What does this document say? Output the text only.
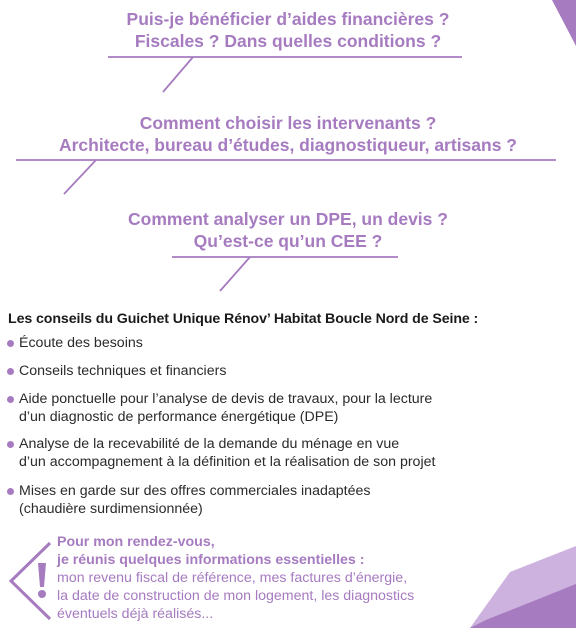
Puis-je bénéficier d’aides financières ?
Fiscales ? Dans quelles conditions ?
Comment choisir les intervenants ?
Architecte, bureau d’études, diagnostiqueur, artisans ?
Comment analyser un DPE, un devis ?
Qu’est-ce qu’un CEE ?
Les conseils du Guichet Unique Rénov’ Habitat Boucle Nord de Seine :
Écoute des besoins
Conseils techniques et financiers
Aide ponctuelle pour l’analyse de devis de travaux, pour la lecture
d’un diagnostic de performance énergétique (DPE)
Analyse de la recevabilité de la demande du ménage en vue
d’un accompagnement à la définition et la réalisation de son projet
Mises en garde sur des offres commerciales inadaptées
(chaudière surdimensionnée)
Pour mon rendez-vous,
je réunis quelques informations essentielles :
mon revenu fiscal de référence, mes factures d’énergie,
la date de construction de mon logement, les diagnostics
éventuels déjà réalisés...
